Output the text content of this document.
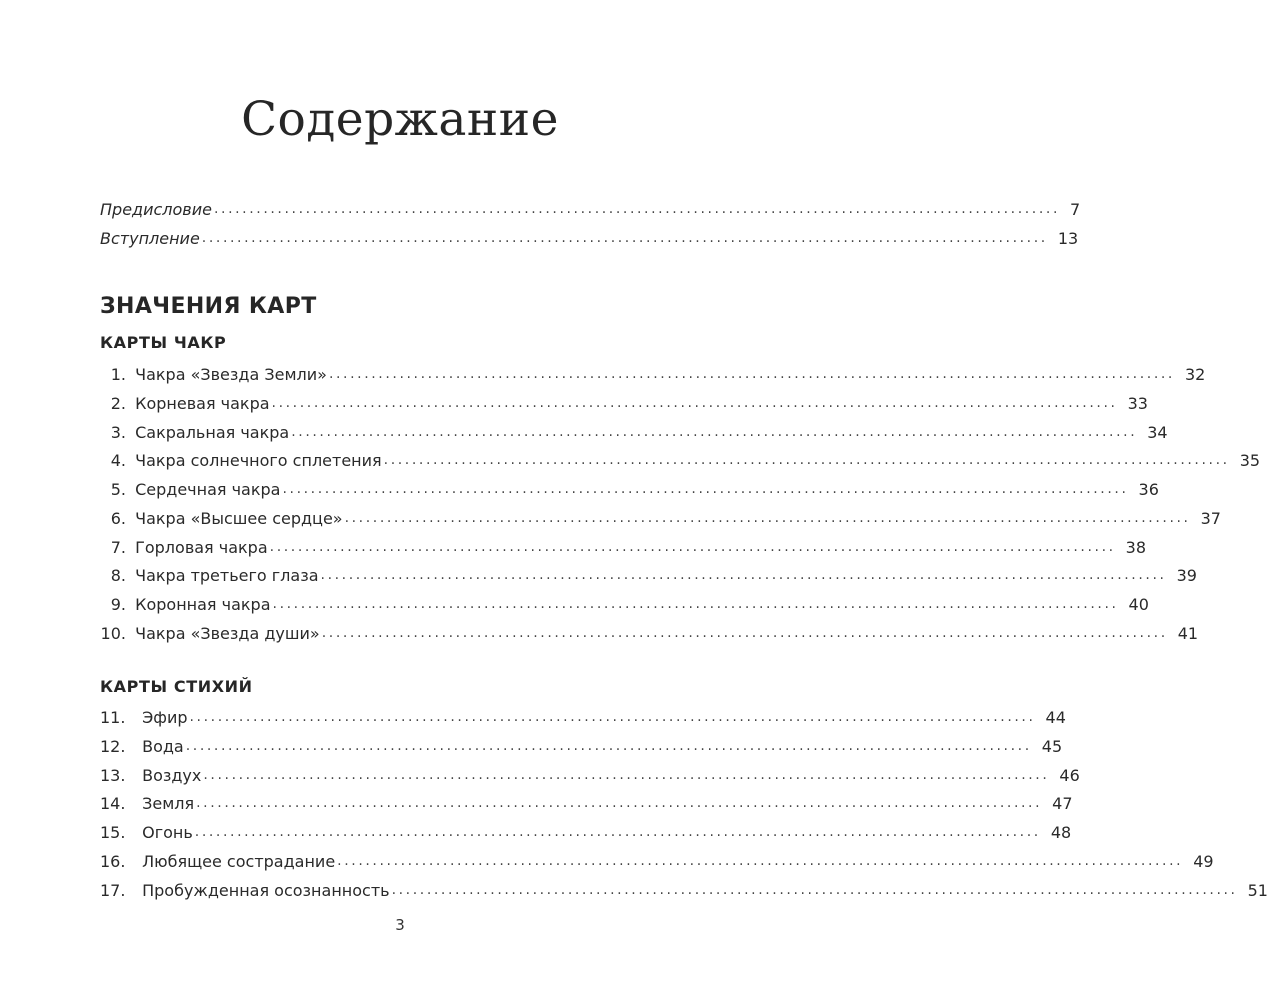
Содержание
Предисловие ........................................................................................................................ 7
Вступление ........................................................................................................................ 13
ЗНАЧЕНИЯ КАРТ
КАРТЫ ЧАКР
1. Чакра «Звезда Земли» ........................................................................................................................ 32
2. Корневая чакра ........................................................................................................................ 33
3. Сакральная чакра ........................................................................................................................ 34
4. Чакра солнечного сплетения ........................................................................................................................ 35
5. Сердечная чакра ........................................................................................................................ 36
6. Чакра «Высшее сердце» ........................................................................................................................ 37
7. Горловая чакра ........................................................................................................................ 38
8. Чакра третьего глаза ........................................................................................................................ 39
9. Коронная чакра ........................................................................................................................ 40
10. Чакра «Звезда души» ........................................................................................................................ 41
КАРТЫ СТИХИЙ
11. Эфир ........................................................................................................................ 44
12. Вода ........................................................................................................................ 45
13. Воздух ........................................................................................................................ 46
14. Земля ........................................................................................................................ 47
15. Огонь ........................................................................................................................ 48
16. Любящее сострадание ........................................................................................................................ 49
17. Пробужденная осознанность ........................................................................................................................ 51
3
